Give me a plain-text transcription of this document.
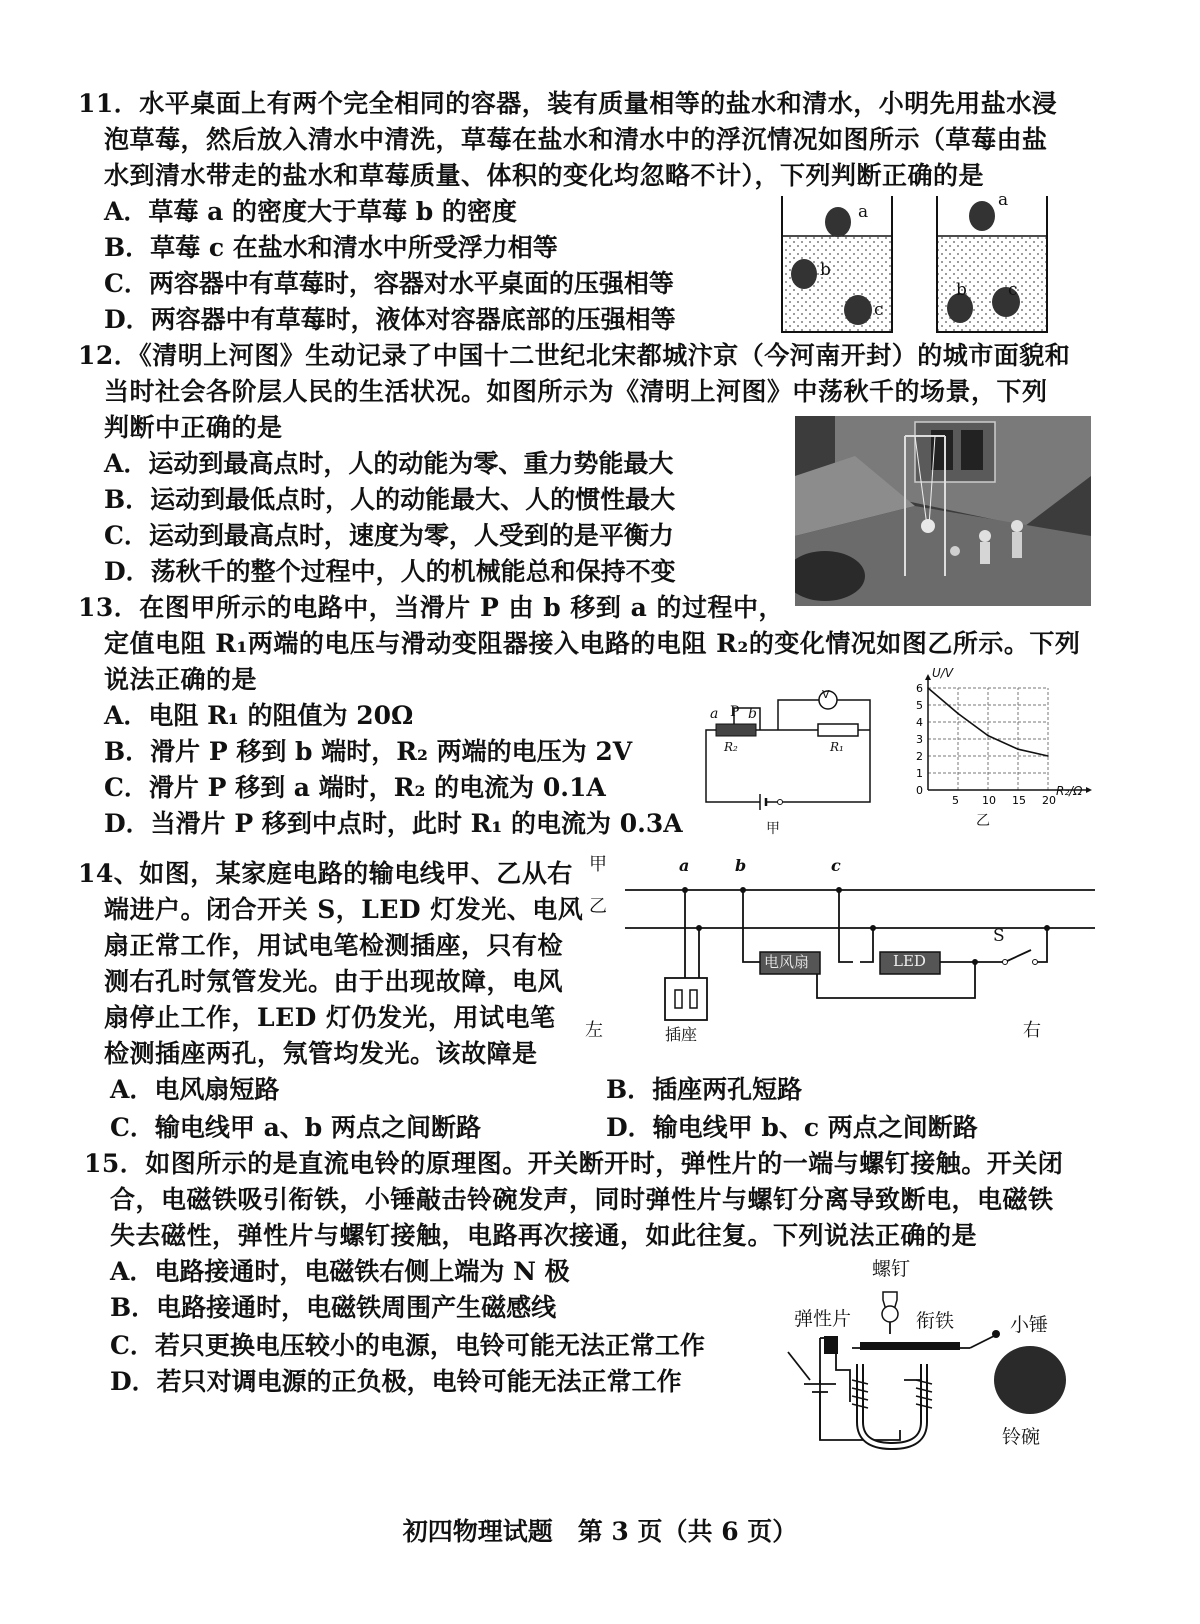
11．水平桌面上有两个完全相同的容器，装有质量相等的盐水和清水，小明先用盐水浸
泡草莓，然后放入清水中清洗，草莓在盐水和清水中的浮沉情况如图所示（草莓由盐
水到清水带走的盐水和草莓质量、体积的变化均忽略不计），下列判断正确的是
A．草莓 a 的密度大于草莓 b 的密度
B．草莓 c 在盐水和清水中所受浮力相等
C．两容器中有草莓时，容器对水平桌面的压强相等
D．两容器中有草莓时，液体对容器底部的压强相等
a
b
c
a
b c
12．《清明上河图》生动记录了中国十二世纪北宋都城汴京（今河南开封）的城市面貌和
当时社会各阶层人民的生活状况。如图所示为《清明上河图》中荡秋千的场景，下列
判断中正确的是
A．运动到最高点时，人的动能为零、重力势能最大
B．运动到最低点时，人的动能最大、人的惯性最大
C．运动到最高点时，速度为零，人受到的是平衡力
D．荡秋千的整个过程中，人的机械能总和保持不变
13．在图甲所示的电路中，当滑片 P 由 b 移到 a 的过程中，
定值电阻 R₁两端的电压与滑动变阻器接入电路的电阻 R₂的变化情况如图乙所示。下列
说法正确的是
A．电阻 R₁ 的阻值为 20Ω
B．滑片 P 移到 b 端时，R₂ 两端的电压为 2V
C．滑片 P 移到 a 端时，R₂ 的电流为 0.1A
D．当滑片 P 移到中点时，此时 R₁ 的电流为 0.3A
V
a P b
R₂	R₁
甲
6
5
4
3
2
1
0
5 10 15 20
U/V
R₂/Ω
乙
14、如图，某家庭电路的输电线甲、乙从右
端进户。闭合开关 S，LED 灯发光、电风
扇正常工作，用试电笔检测插座，只有检
测右孔时氖管发光。由于出现故障，电风
扇停止工作，LED 灯仍发光，用试电笔
检测插座两孔，氖管均发光。该故障是
A．电风扇短路	B．插座两孔短路
C．输电线甲 a、b 两点之间断路	D．输电线甲 b、c 两点之间断路
甲
乙
a	b	c
电风扇	LED
S
插座
左	右
15．如图所示的是直流电铃的原理图。开关断开时，弹性片的一端与螺钉接触。开关闭
合，电磁铁吸引衔铁，小锤敲击铃碗发声，同时弹性片与螺钉分离导致断电，电磁铁
失去磁性，弹性片与螺钉接触，电路再次接通，如此往复。下列说法正确的是
A．电路接通时，电磁铁右侧上端为 N 极
B．电路接通时，电磁铁周围产生磁感线
C．若只更换电压较小的电源，电铃可能无法正常工作
D．若只对调电源的正负极，电铃可能无法正常工作
螺钉
弹性片	衔铁	小锤
铃碗
初四物理试题　第 3 页（共 6 页）
